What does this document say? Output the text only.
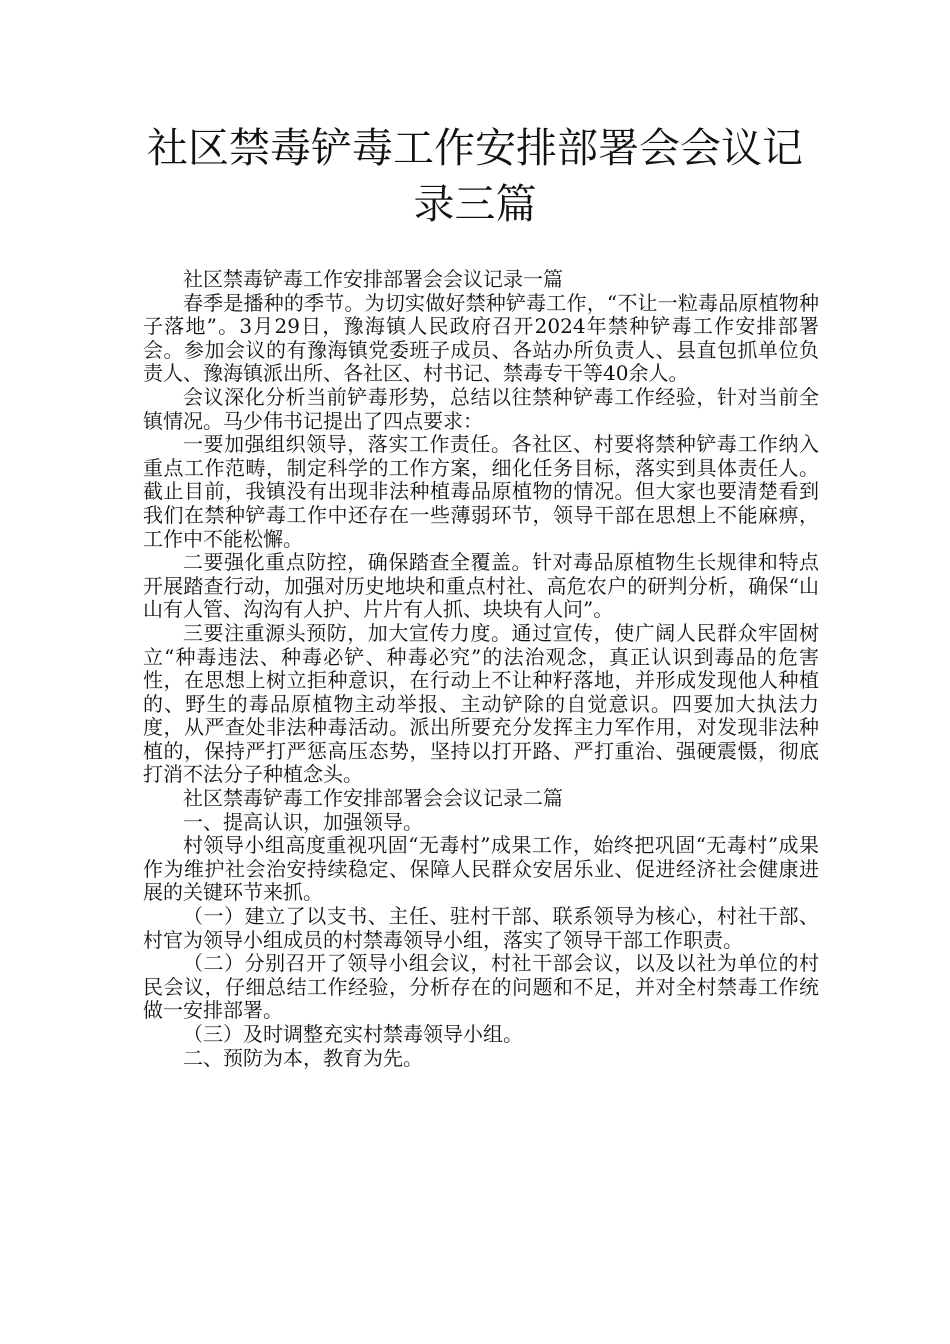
社区禁毒铲毒工作安排部署会会议记录三篇

社区禁毒铲毒工作安排部署会会议记录一篇

春季是播种的季节。为切实做好禁种铲毒工作，“不让一粒毒品原植物种子落地”。3月29日，豫海镇人民政府召开2024年禁种铲毒工作安排部署会。参加会议的有豫海镇党委班子成员、各站办所负责人、县直包抓单位负责人、豫海镇派出所、各社区、村书记、禁毒专干等40余人。

会议深化分析当前铲毒形势，总结以往禁种铲毒工作经验，针对当前全镇情况。马少伟书记提出了四点要求：

一要加强组织领导，落实工作责任。各社区、村要将禁种铲毒工作纳入重点工作范畴，制定科学的工作方案，细化任务目标，落实到具体责任人。截止目前，我镇没有出现非法种植毒品原植物的情况。但大家也要清楚看到我们在禁种铲毒工作中还存在一些薄弱环节，领导干部在思想上不能麻痹，工作中不能松懈。

二要强化重点防控，确保踏查全覆盖。针对毒品原植物生长规律和特点开展踏查行动，加强对历史地块和重点村社、高危农户的研判分析，确保“山山有人管、沟沟有人护、片片有人抓、块块有人问”。

三要注重源头预防，加大宣传力度。通过宣传，使广阔人民群众牢固树立“种毒违法、种毒必铲、种毒必究”的法治观念，真正认识到毒品的危害性，在思想上树立拒种意识，在行动上不让种籽落地，并形成发现他人种植的、野生的毒品原植物主动举报、主动铲除的自觉意识。四要加大执法力度，从严查处非法种毒活动。派出所要充分发挥主力军作用，对发现非法种植的，保持严打严惩高压态势，坚持以打开路、严打重治、强硬震慑，彻底打消不法分子种植念头。

社区禁毒铲毒工作安排部署会会议记录二篇

一、提高认识，加强领导。

村领导小组高度重视巩固“无毒村”成果工作，始终把巩固“无毒村”成果作为维护社会治安持续稳定、保障人民群众安居乐业、促进经济社会健康进展的关键环节来抓。

（一）建立了以支书、主任、驻村干部、联系领导为核心，村社干部、村官为领导小组成员的村禁毒领导小组，落实了领导干部工作职责。

（二）分别召开了领导小组会议，村社干部会议，以及以社为单位的村民会议，仔细总结工作经验，分析存在的问题和不足，并对全村禁毒工作统做一安排部署。

（三）及时调整充实村禁毒领导小组。

二、预防为本，教育为先。
